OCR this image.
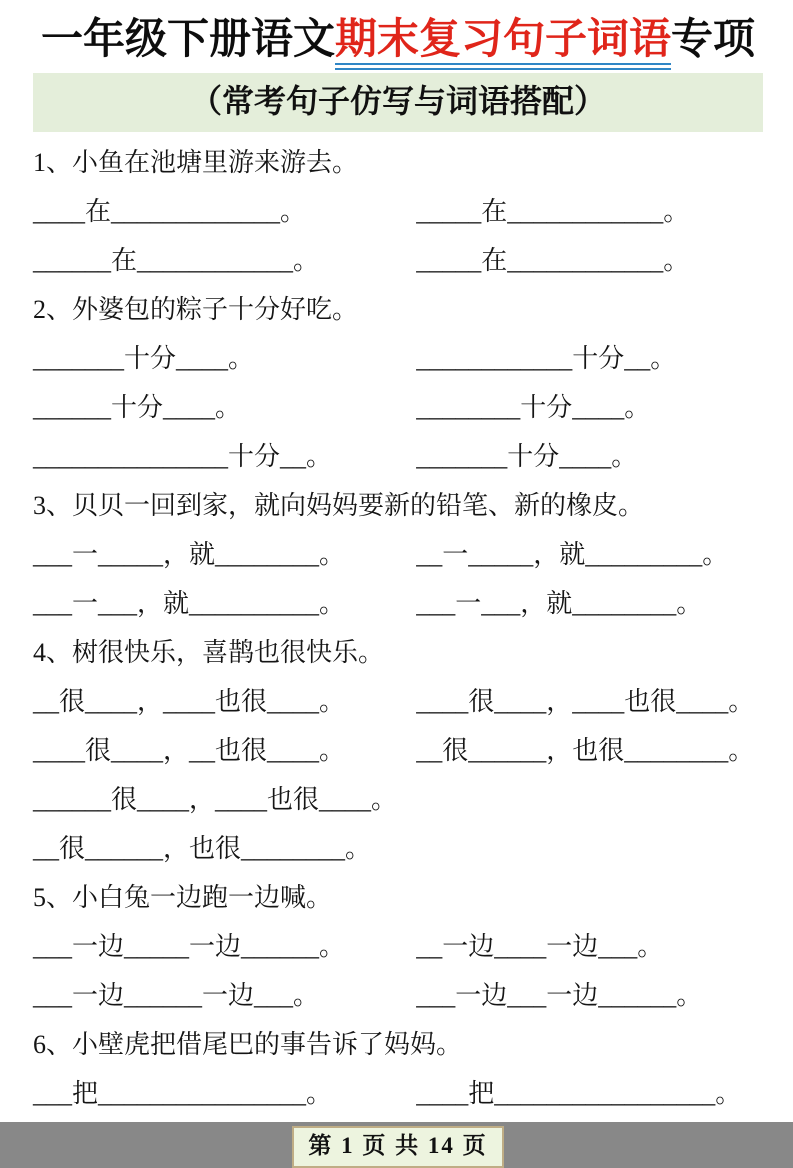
一年级下册语文期末复习句子词语专项
（常考句子仿写与词语搭配）

1、小鱼在池塘里游来游去。

____在_____________。	_____在____________。
______在____________。	_____在____________。

2、外婆包的粽子十分好吃。

_______十分____。	____________十分__。
______十分____。	________十分____。
_______________十分__。	_______十分____。

3、贝贝一回到家，就向妈妈要新的铅笔、新的橡皮。

___一_____，就________。	__一_____，就_________。
___一___，就__________。	___一___，就________。

4、树很快乐，喜鹊也很快乐。

__很____，____也很____。	____很____，____也很____。
____很____，__也很____。	__很______，也很________。
______很____，____也很____。
__很______，也很________。

5、小白兔一边跑一边喊。

___一边_____一边______。	__一边____一边___。
___一边______一边___。	___一边___一边______。

6、小壁虎把借尾巴的事告诉了妈妈。

___把________________。	____把_________________。
第 1 页 共 14 页
